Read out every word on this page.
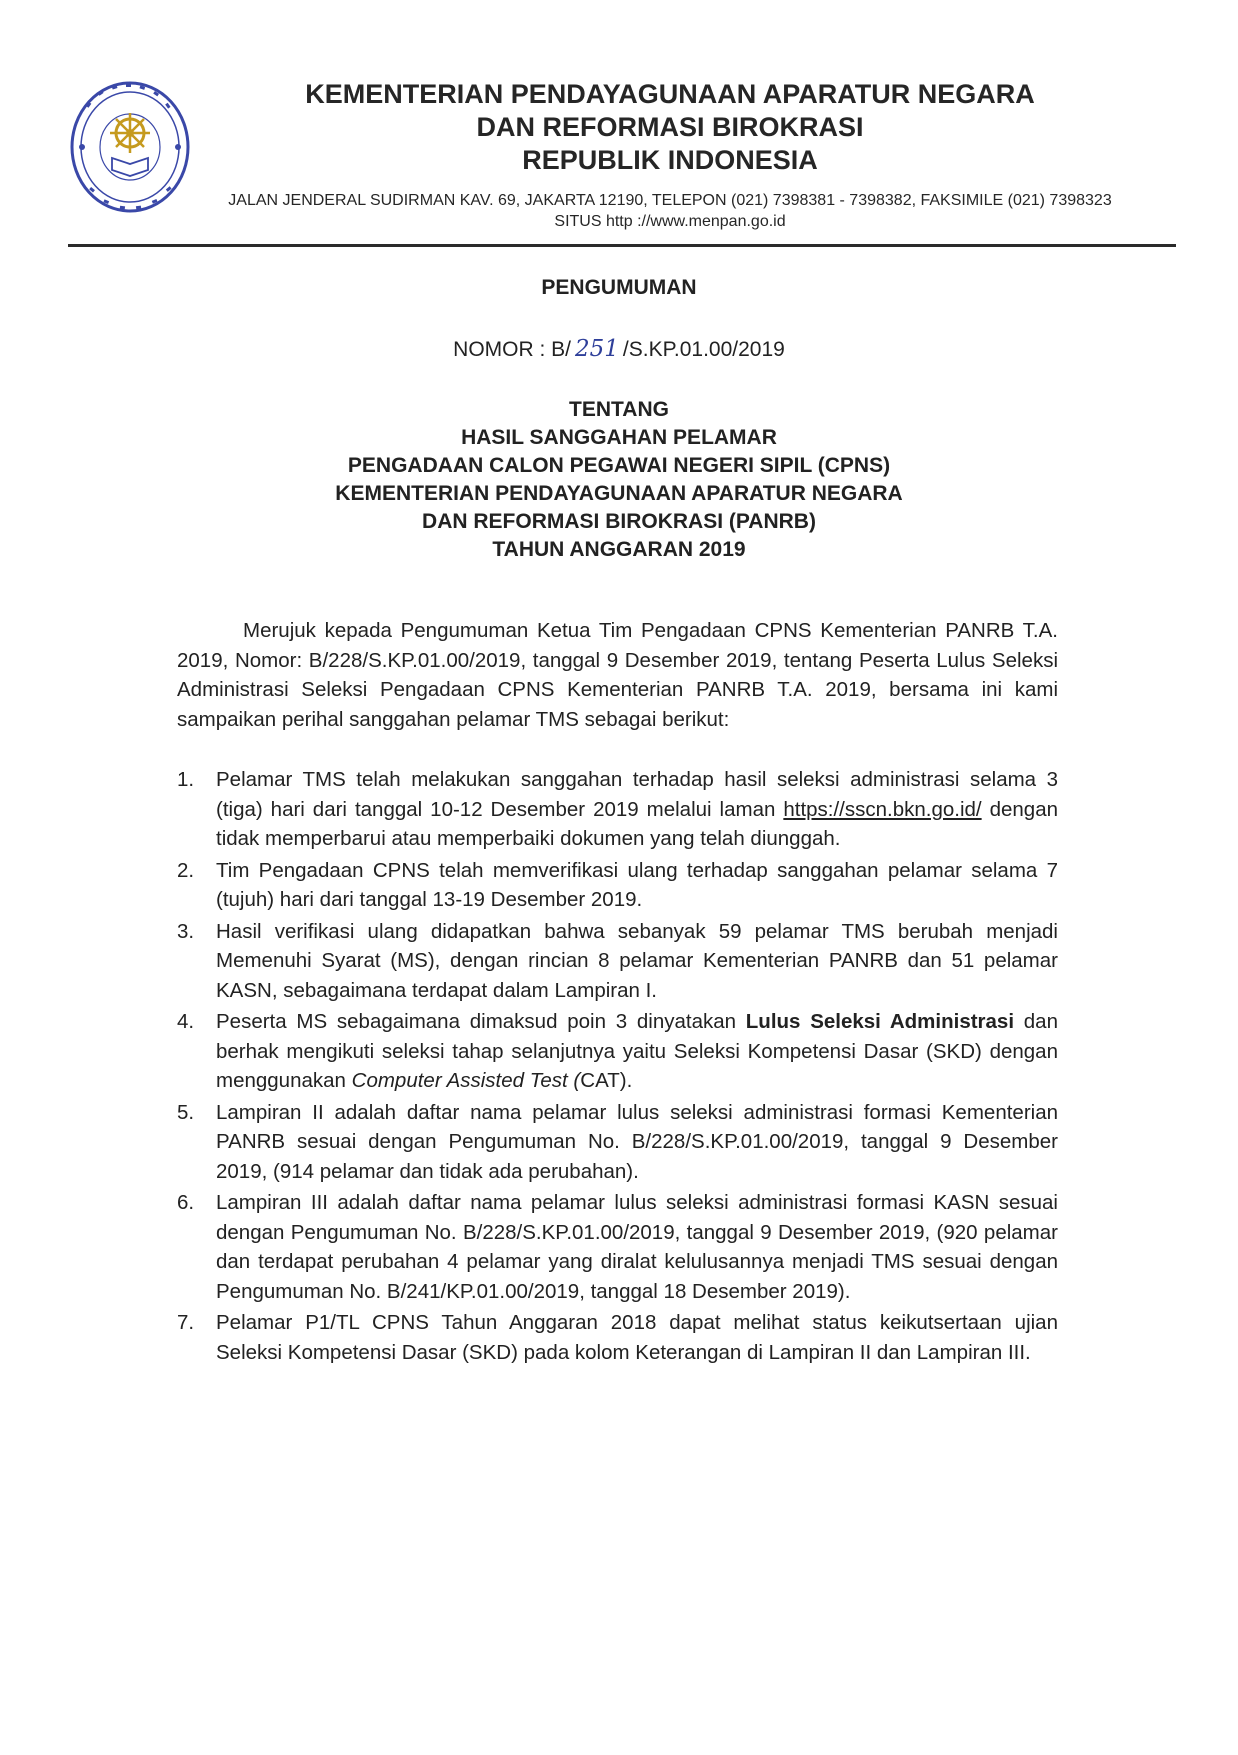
KEMENTERIAN PENDAYAGUNAAN APARATUR NEGARA
DAN REFORMASI BIROKRASI
REPUBLIK INDONESIA
JALAN JENDERAL SUDIRMAN KAV. 69, JAKARTA 12190, TELEPON (021) 7398381 - 7398382, FAKSIMILE (021) 7398323
SITUS http ://www.menpan.go.id
PENGUMUMAN
NOMOR : B/ 251 /S.KP.01.00/2019
TENTANG
HASIL SANGGAHAN PELAMAR
PENGADAAN CALON PEGAWAI NEGERI SIPIL (CPNS)
KEMENTERIAN PENDAYAGUNAAN APARATUR NEGARA
DAN REFORMASI BIROKRASI (PANRB)
TAHUN ANGGARAN 2019
Merujuk kepada Pengumuman Ketua Tim Pengadaan CPNS Kementerian PANRB T.A. 2019, Nomor: B/228/S.KP.01.00/2019, tanggal 9 Desember 2019, tentang Peserta Lulus Seleksi Administrasi Seleksi Pengadaan CPNS Kementerian PANRB T.A. 2019, bersama ini kami sampaikan perihal sanggahan pelamar TMS sebagai berikut:
1. Pelamar TMS telah melakukan sanggahan terhadap hasil seleksi administrasi selama 3 (tiga) hari dari tanggal 10-12 Desember 2019 melalui laman https://sscn.bkn.go.id/ dengan tidak memperbarui atau memperbaiki dokumen yang telah diunggah.
2. Tim Pengadaan CPNS telah memverifikasi ulang terhadap sanggahan pelamar selama 7 (tujuh) hari dari tanggal 13-19 Desember 2019.
3. Hasil verifikasi ulang didapatkan bahwa sebanyak 59 pelamar TMS berubah menjadi Memenuhi Syarat (MS), dengan rincian 8 pelamar Kementerian PANRB dan 51 pelamar KASN, sebagaimana terdapat dalam Lampiran I.
4. Peserta MS sebagaimana dimaksud poin 3 dinyatakan Lulus Seleksi Administrasi dan berhak mengikuti seleksi tahap selanjutnya yaitu Seleksi Kompetensi Dasar (SKD) dengan menggunakan Computer Assisted Test (CAT).
5. Lampiran II adalah daftar nama pelamar lulus seleksi administrasi formasi Kementerian PANRB sesuai dengan Pengumuman No. B/228/S.KP.01.00/2019, tanggal 9 Desember 2019, (914 pelamar dan tidak ada perubahan).
6. Lampiran III adalah daftar nama pelamar lulus seleksi administrasi formasi KASN sesuai dengan Pengumuman No. B/228/S.KP.01.00/2019, tanggal 9 Desember 2019, (920 pelamar dan terdapat perubahan 4 pelamar yang diralat kelulusannya menjadi TMS sesuai dengan Pengumuman No. B/241/KP.01.00/2019, tanggal 18 Desember 2019).
7. Pelamar P1/TL CPNS Tahun Anggaran 2018 dapat melihat status keikutsertaan ujian Seleksi Kompetensi Dasar (SKD) pada kolom Keterangan di Lampiran II dan Lampiran III.
